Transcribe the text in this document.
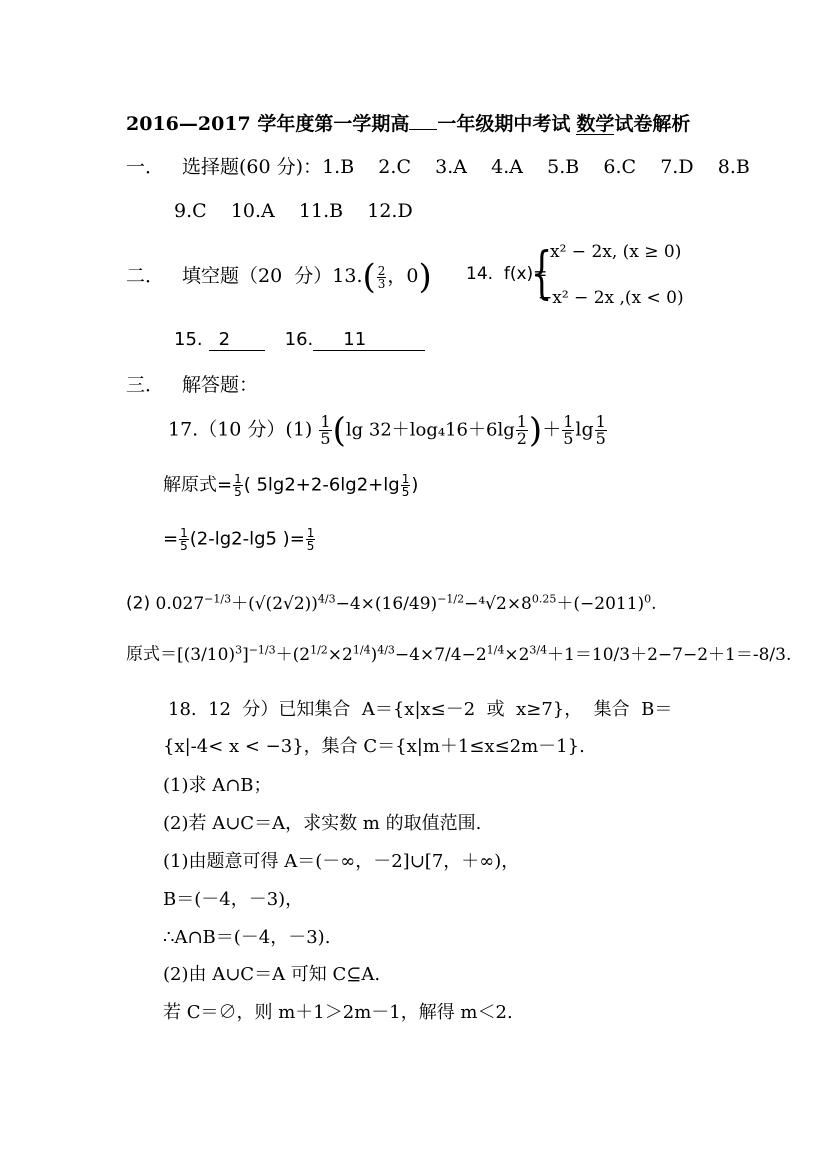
2016—2017 学年度第一学期高 一年级期中考试 数学试卷解析
一． 选择题(60 分)：1.B    2.C    3.A    4.A    5.B    6.C    7.D    8.B
9.C    10.A    11.B    12.D
二． 填空题（20  分）$13.( \frac{2}{3}$ ，0) 14.  f(x)=
{
x² − 2x, (x ≥ 0)
−x² − 2x ,(x < 0)
15. 2	16. 11
三． 解答题：
17.（10 分）$(1) \frac{1}{5} (\lg$ $32+\log_416+6\lg \frac{1}{2}$ )＋ $\frac{1}{5}$ $\lg \frac{1}{5}$
解原式= $\frac{1}{5}$ ( $5\lg 2+2-6\lg 2+\lg \frac{1}{5}$ )
= $\frac{1}{5} (2-\lg 2-\lg 5$ )= $\frac{1}{5}$
(2) $0.027^{-1/3}+(√(2√2))^{4/3}-4\times(16/49)^{-1/2}-^4√2\times 8^{0.25}+(-2011)^0$.
原式$=[(3/10)^3]^{-1/3}+(2^{1/2}\times 2^{1/4})^{4/3}-4\times 7/4-2^{1/4}\times 2^{3/4}+1=10/3+2-7-2+1=-8/3$.
18.  12  分）已知集合  A＝{x|x≤－2  或  x≥7}，  集合  B＝
{x|-4< x < −3}，集合 C＝{x|m＋1≤x≤2m－1}.
(1)求 A∩B；
(2)若 A∪C＝A，求实数 m 的取值范围.
(1)由题意可得 A＝(－∞，－2]∪[7，＋∞)，
B＝(－4，－3)，
∴A∩B＝(－4，－3).
(2)由 A∪C＝A 可知 C⊆A.
若 C＝∅，则 m＋1＞2m－1，解得 m＜2.
